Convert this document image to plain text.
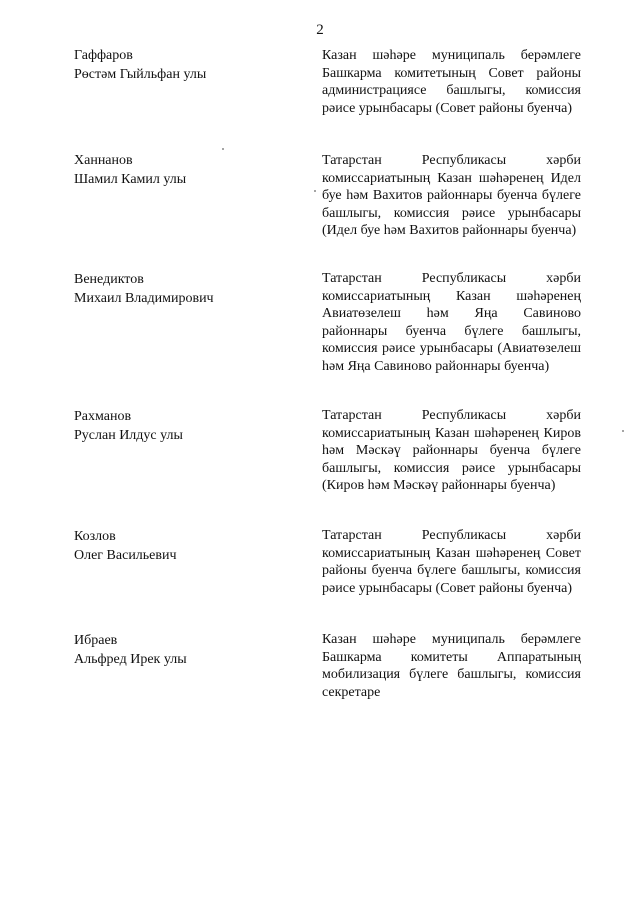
2
Гаффаров
Рөстәм Гыйльфан улы
Казан шәһәре муниципаль берәмлеге Башкарма комитетының Совет районы администрациясе башлыгы, комиссия рәисе урынбасары (Совет районы буенча)
Ханнанов
Шамил Камил улы
Татарстан Республикасы хәрби комиссариатының Казан шәһәренең Идел буе һәм Вахитов районнары буенча бүлеге башлыгы, комиссия рәисе урынбасары (Идел буе һәм Вахитов районнары буенча)
Венедиктов
Михаил Владимирович
Татарстан Республикасы хәрби комиссариатының Казан шәһәренең Авиатөзелеш һәм Яңа Савиново районнары буенча бүлеге башлыгы, комиссия рәисе урынбасары (Авиатөзелеш һәм Яңа Савиново районнары буенча)
Рахманов
Руслан Илдус улы
Татарстан Республикасы хәрби комиссариатының Казан шәһәренең Киров һәм Мәскәү районнары буенча бүлеге башлыгы, комиссия рәисе урынбасары (Киров һәм Мәскәү районнары буенча)
Козлов
Олег Васильевич
Татарстан Республикасы хәрби комиссариатының Казан шәһәренең Совет районы буенча бүлеге башлыгы, комиссия рәисе урынбасары (Совет районы буенча)
Ибраев
Альфред Ирек улы
Казан шәһәре муниципаль берәмлеге Башкарма комитеты Аппаратының мобилизация бүлеге башлыгы, комиссия секретаре
